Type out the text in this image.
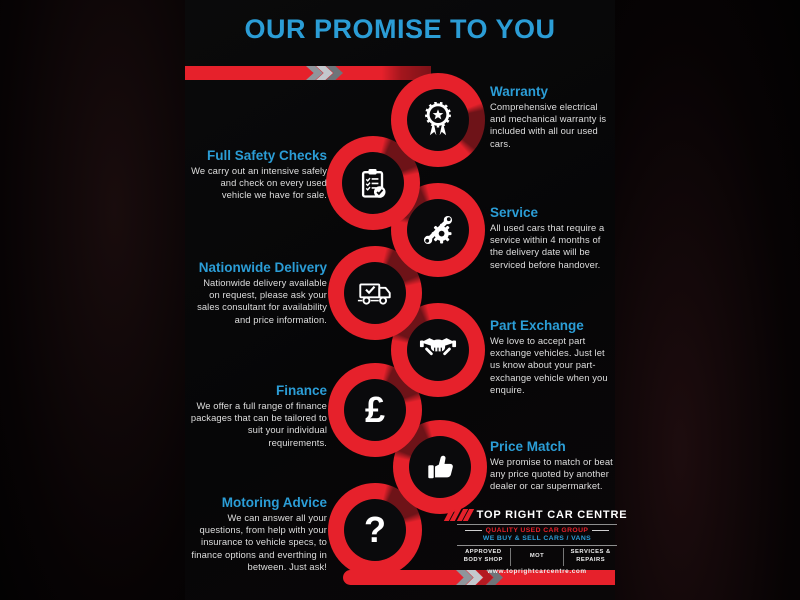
OUR PROMISE TO YOU
£
?
Warranty
Comprehensive electrical and mechanical warranty is included with all our used cars.
Full Safety Checks
We carry out an intensive safely and check on every used vehicle we have for sale.
Service
All used cars that require a service within 4 months of the delivery date will be serviced before handover.
Nationwide Delivery
Nationwide delivery available on request, please ask your sales consultant for availability and price information.	Part Exchange
We love to accept part exchange vehicles. Just let us know about your part-exchange vehicle when you enquire.
Finance
We offer a full range of finance packages that can be tailored to suit your individual requirements.	Price Match
We promise to match or beat any price quoted by another dealer or car supermarket.
Motoring Advice
We can answer all your questions, from help with your insurance to vehicle specs, to finance options and everthing in between. Just ask!
TOP RIGHT CAR CENTRE
QUALITY USED CAR GROUP
WE BUY & SELL CARS / VANS
APPROVED BODY SHOP
MOT
SERVICES & REPAIRS
www.toprightcarcentre.com
